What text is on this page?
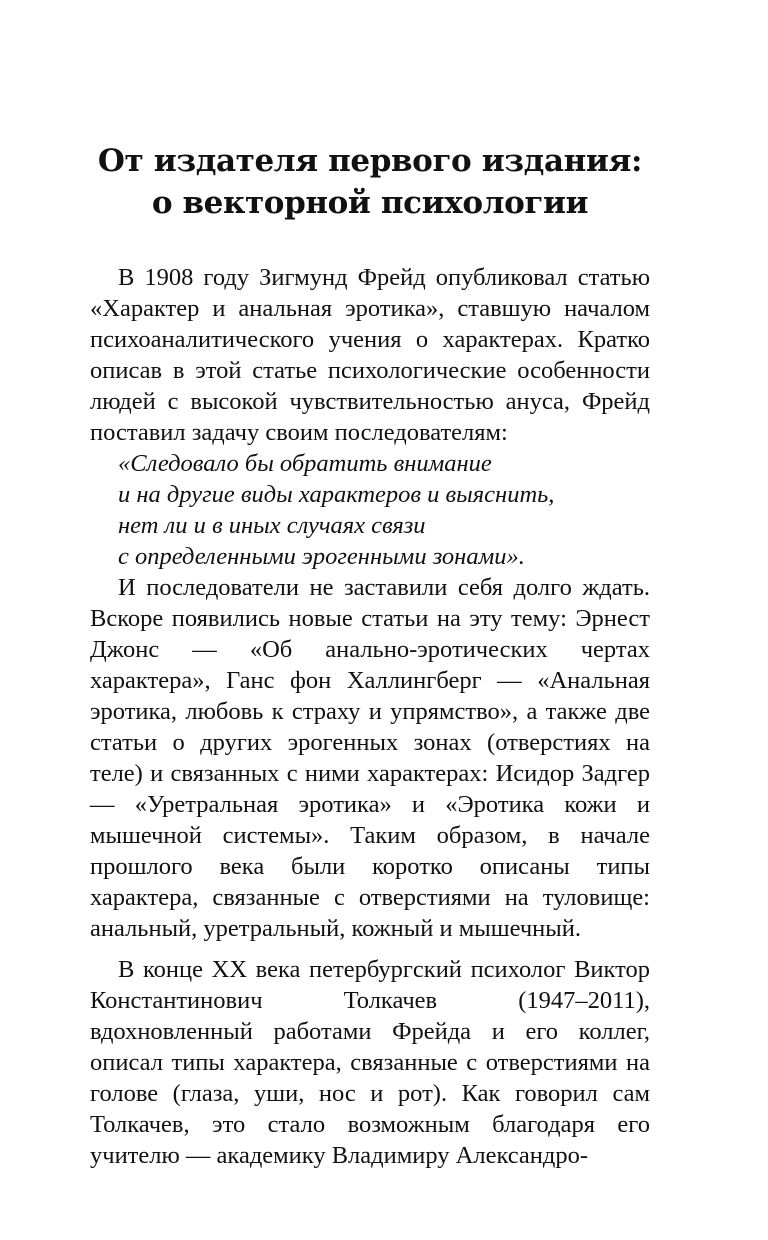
От издателя первого издания:
о векторной психологии

В 1908 году Зигмунд Фрейд опубликовал статью «Характер и анальная эротика», ставшую началом психоаналитического учения о характерах. Кратко описав в этой статье психологические особенности людей с высокой чувствительностью ануса, Фрейд поставил задачу своим последователям:

«Следовало бы обратить внимание
и на другие виды характеров и выяснить,
нет ли и в иных случаях связи
с определенными эрогенными зонами».

И последователи не заставили себя долго ждать. Вскоре появились новые статьи на эту тему: Эрнест Джонс — «Об анально-эротических чертах характера», Ганс фон Халлингберг — «Анальная эротика, любовь к страху и упрямство», а также две статьи о других эрогенных зонах (отверстиях на теле) и связанных с ними характерах: Исидор Задгер — «Уретральная эротика» и «Эротика кожи и мышечной системы». Таким образом, в начале прошлого века были коротко описаны типы характера, связанные с отверстиями на туловище: анальный, уретральный, кожный и мышечный.

В конце XX века петербургский психолог Виктор Константинович Толкачев (1947–2011), вдохновленный работами Фрейда и его коллег, описал типы характера, связанные с отверстиями на голове (глаза, уши, нос и рот). Как говорил сам Толкачев, это стало возможным благодаря его учителю — академику Владимиру Александро-
